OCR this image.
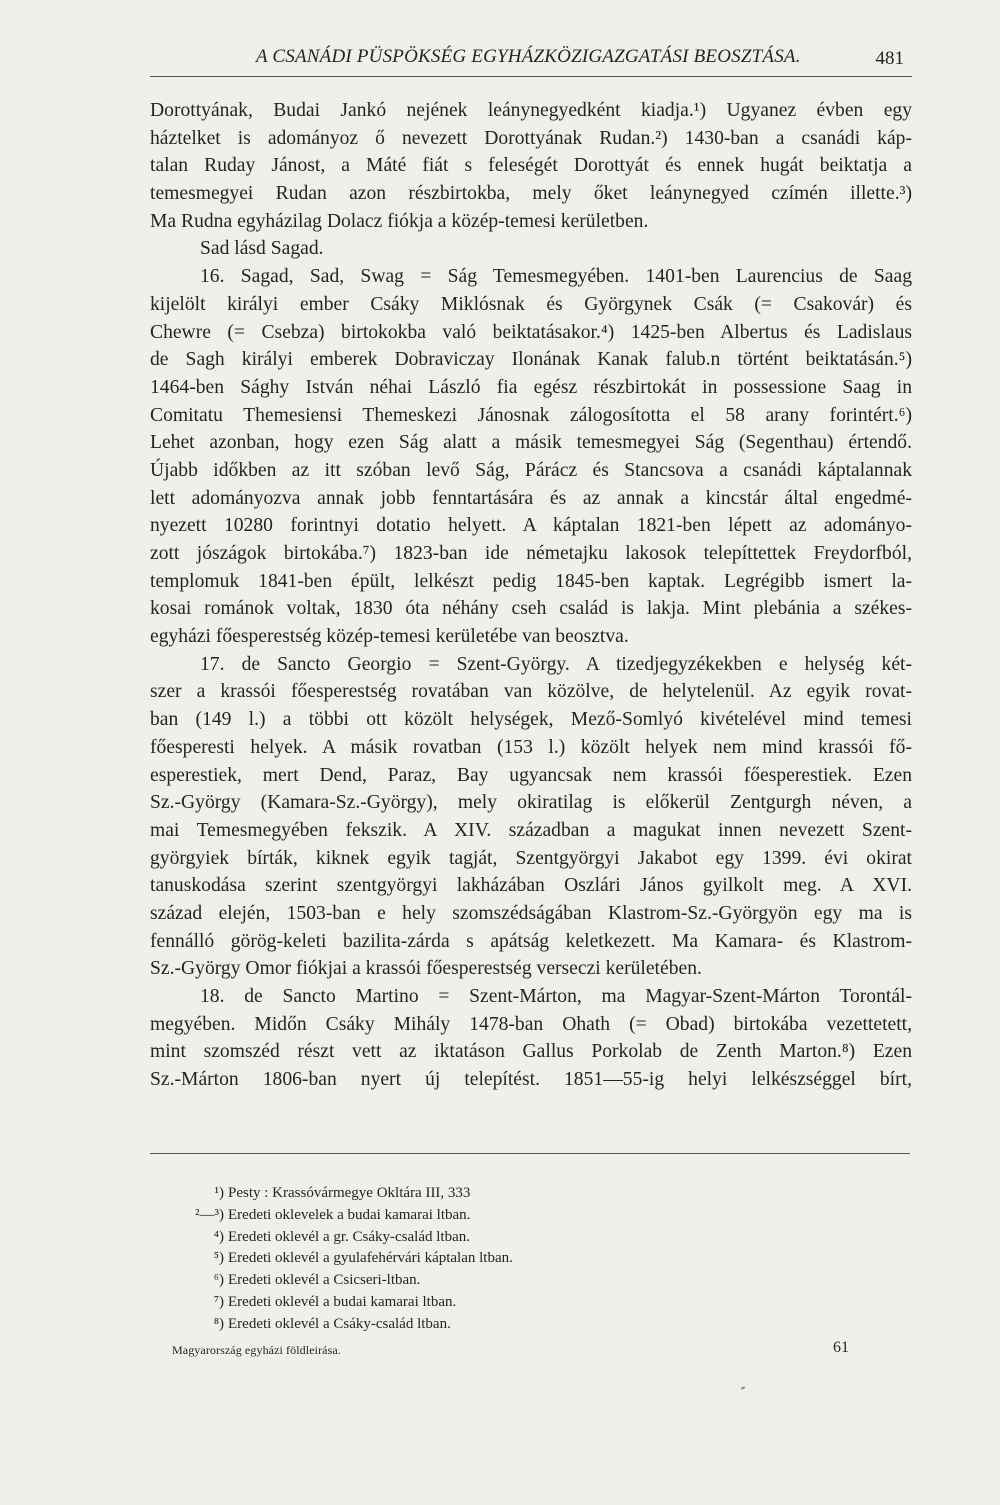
A CSANÁDI PÜSPÖKSÉG EGYHÁZKÖZIGAZGATÁSI BEOSZTÁSA.	481
Dorottyának, Budai Jankó nejének leánynegyedként kiadja.¹) Ugyanez évben egy
háztelket is adományoz ő nevezett Dorottyának Rudan.²) 1430-ban a csanádi káp-
talan Ruday Jánost, a Máté fiát s feleségét Dorottyát és ennek hugát beiktatja a
temesmegyei Rudan azon részbirtokba, mely őket leánynegyed czímén illette.³)
Ma Rudna egyházilag Dolacz fiókja a közép-temesi kerületben.
Sad lásd Sagad.
16. Sagad, Sad, Swag = Ság Temesmegyében. 1401-ben Laurencius de Saag
kijelölt királyi ember Csáky Miklósnak és Györgynek Csák (= Csakovár) és
Chewre (= Csebza) birtokokba való beiktatásakor.⁴) 1425-ben Albertus és Ladislaus
de Sagh királyi emberek Dobraviczay Ilonának Kanak falub.n történt beiktatásán.⁵)
1464-ben Sághy István néhai László fia egész részbirtokát in possessione Saag in
Comitatu Themesiensi Themeskezi Jánosnak zálogosította el 58 arany forintért.⁶)
Lehet azonban, hogy ezen Ság alatt a másik temesmegyei Ság (Segenthau) értendő.
Újabb időkben az itt szóban levő Ság, Párácz és Stancsova a csanádi káptalannak
lett adományozva annak jobb fenntartására és az annak a kincstár által engedmé-
nyezett 10280 forintnyi dotatio helyett. A káptalan 1821-ben lépett az adományo-
zott jószágok birtokába.⁷) 1823-ban ide németajku lakosok telepíttettek Freydorfból,
templomuk 1841-ben épült, lelkészt pedig 1845-ben kaptak. Legrégibb ismert la-
kosai románok voltak, 1830 óta néhány cseh család is lakja. Mint plebánia a székes-
egyházi főesperestség közép-temesi kerületébe van beosztva.
17. de Sancto Georgio = Szent-György. A tizedjegyzékekben e helység két-
szer a krassói főesperestség rovatában van közölve, de helytelenül. Az egyik rovat-
ban (149 l.) a többi ott közölt helységek, Mező-Somlyó kivételével mind temesi
főesperesti helyek. A másik rovatban (153 l.) közölt helyek nem mind krassói fő-
esperestiek, mert Dend, Paraz, Bay ugyancsak nem krassói főesperestiek. Ezen
Sz.-György (Kamara-Sz.-György), mely okiratilag is előkerül Zentgurgh néven, a
mai Temesmegyében fekszik. A XIV. században a magukat innen nevezett Szent-
györgyiek bírták, kiknek egyik tagját, Szentgyörgyi Jakabot egy 1399. évi okirat
tanuskodása szerint szentgyörgyi lakházában Oszlári János gyilkolt meg. A XVI.
század elején, 1503-ban e hely szomszédságában Klastrom-Sz.-Györgyön egy ma is
fennálló görög-keleti bazilita-zárda s apátság keletkezett. Ma Kamara- és Klastrom-
Sz.-György Omor fiókjai a krassói főesperestség verseczi kerületében.
18. de Sancto Martino = Szent-Márton, ma Magyar-Szent-Márton Torontál-
megyében. Midőn Csáky Mihály 1478-ban Ohath (= Obad) birtokába vezettetett,
mint szomszéd részt vett az iktatáson Gallus Porkolab de Zenth Marton.⁸) Ezen
Sz.-Márton 1806-ban nyert új telepítést. 1851—55-ig helyi lelkészséggel bírt,
¹) Pesty : Krassóvármegye Okltára III, 333
²—³) Eredeti oklevelek a budai kamarai ltban.
⁴) Eredeti oklevél a gr. Csáky-család ltban.
⁵) Eredeti oklevél a gyulafehérvári káptalan ltban.
⁶) Eredeti oklevél a Csicseri-ltban.
⁷) Eredeti oklevél a budai kamarai ltban.
⁸) Eredeti oklevél a Csáky-család ltban.
Magyarország egyházi földleirása.	61
